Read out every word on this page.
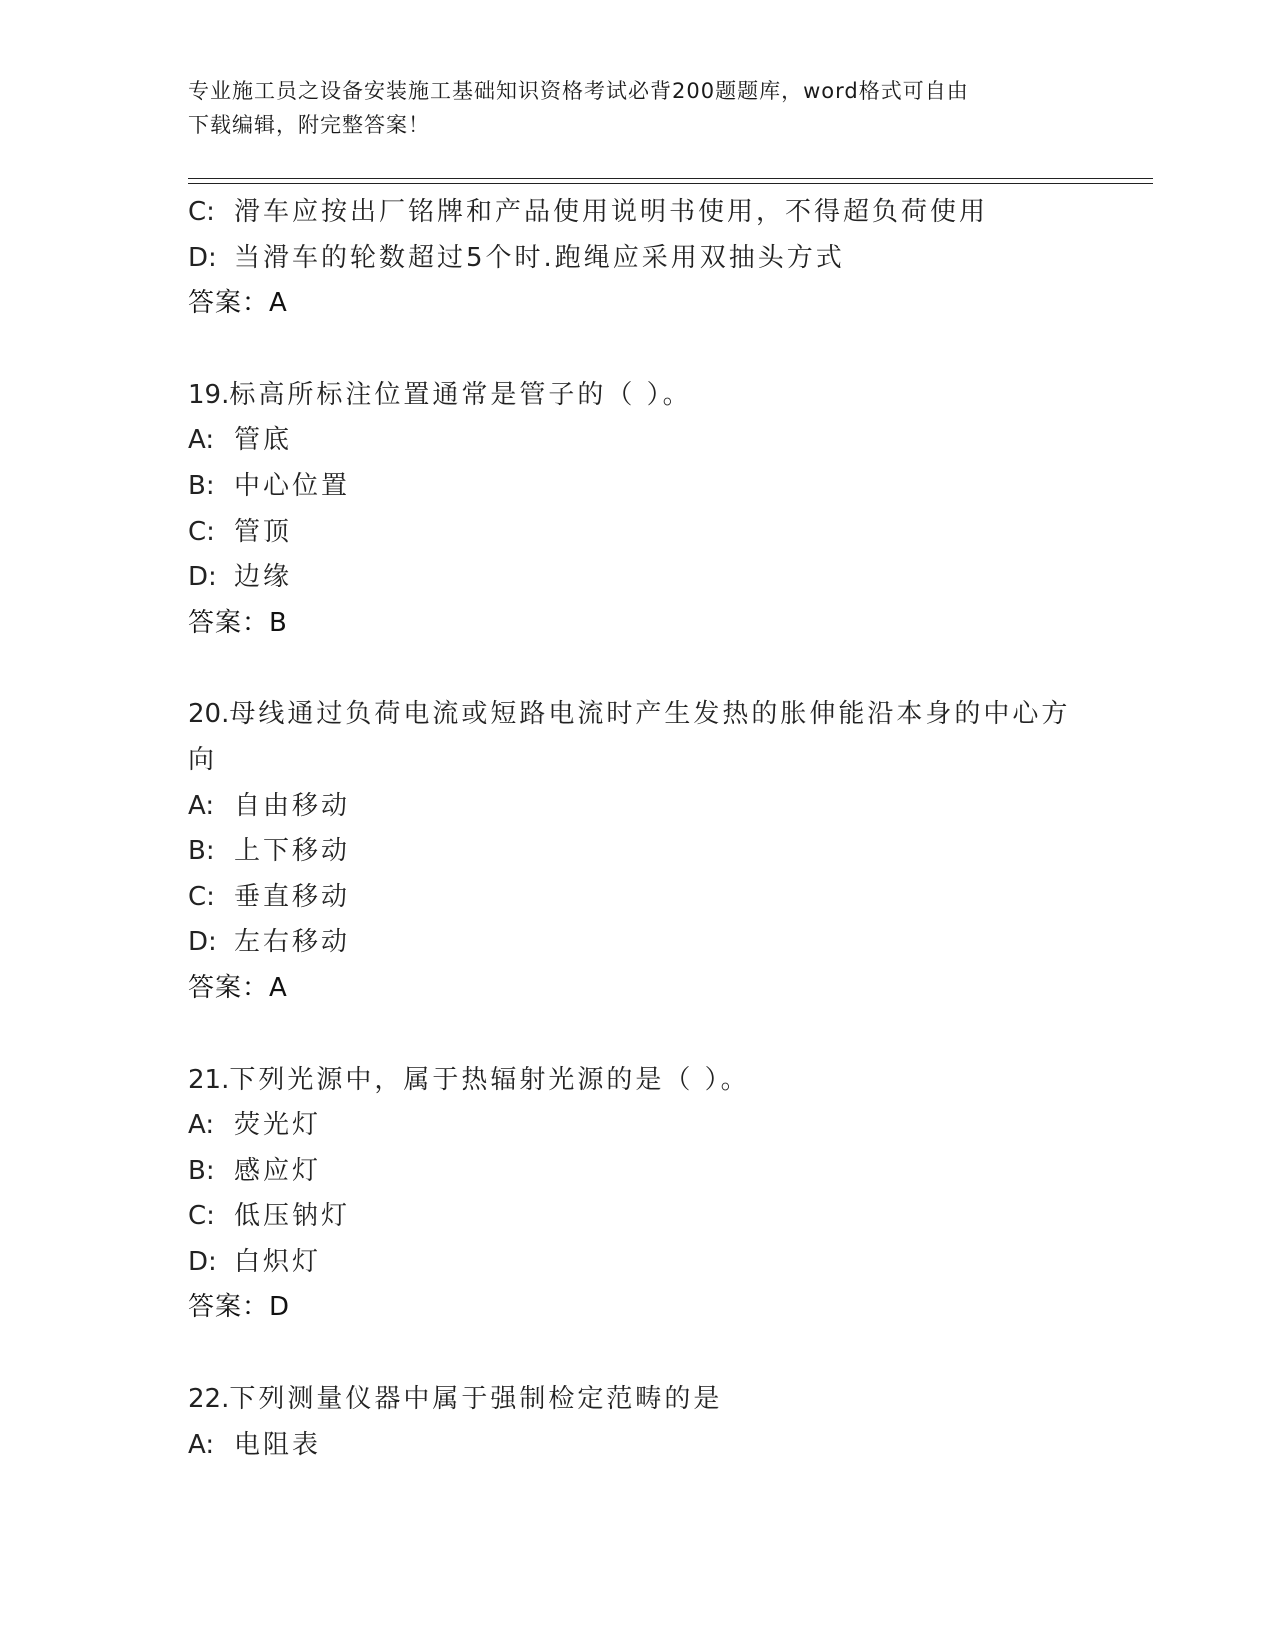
专业施工员之设备安装施工基础知识资格考试必背200题题库，word格式可自由
下载编辑，附完整答案！
C: 滑车应按出厂铭牌和产品使用说明书使用，不得超负荷使用
D: 当滑车的轮数超过5个时.跑绳应采用双抽头方式
答案：A
19.标高所标注位置通常是管子的（ ）。
A: 管底
B: 中心位置
C: 管顶
D: 边缘
答案：B
20.母线通过负荷电流或短路电流时产生发热的胀伸能沿本身的中心方
向
A: 自由移动
B: 上下移动
C: 垂直移动
D: 左右移动
答案：A
21.下列光源中，属于热辐射光源的是（ ）。
A: 荧光灯
B: 感应灯
C: 低压钠灯
D: 白炽灯
答案：D
22.下列测量仪器中属于强制检定范畴的是
A: 电阻表
